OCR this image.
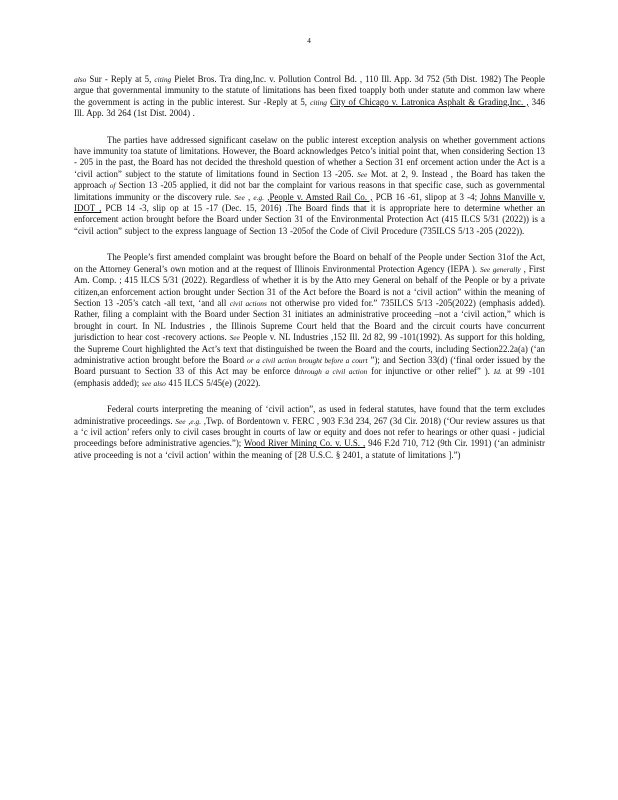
4

also Sur - Reply at 5, citing Pielet Bros. Tra ding,Inc. v. Pollution Control Bd. , 110 Ill. App. 3d 752 (5th Dist. 1982) The People argue that governmental immunity to the statute of limitations has been fixed toapply both under statute and common law where the government is acting in the public interest. Sur -Reply at 5, citing City of Chicago v. Latronica Asphalt & Grading,Inc. , 346 Ill. App. 3d 264 (1st Dist. 2004) .

The parties have addressed significant caselaw on the public interest exception analysis on whether government actions have immunity toa statute of limitations. However, the Board acknowledges Petco’s initial point that, when considering Section 13 - 205 in the past, the Board has not decided the threshold question of whether a Section 31 enf orcement action under the Act is a ‘civil action” subject to the statute of limitations found in Section 13 -205. See Mot. at 2, 9. Instead , the Board has taken the approach of Section 13 -205 applied, it did not bar the complaint for various reasons in that specific case, such as governmental limitations immunity or the discovery rule. See , e.g. ,People v. Amsted Rail Co. , PCB 16 -61, slipop at 3 -4; Johns Manville v. IDOT , PCB 14 -3, slip op at 15 -17 (Dec. 15, 2016) .The Board finds that it is appropriate here to determine whether an enforcement action brought before the Board under Section 31 of the Environmental Protection Act (415 ILCS 5/31 (2022)) is a “civil action” subject to the express language of Section 13 -205of the Code of Civil Procedure (735ILCS 5/13 -205 (2022)).

The People’s first amended complaint was brought before the Board on behalf of the People under Section 31of the Act, on the Attorney General’s own motion and at the request of Illinois Environmental Protection Agency (IEPA ). See generally , First Am. Comp. ; 415 ILCS 5/31 (2022). Regardless of whether it is by the Atto rney General on behalf of the People or by a private citizen,an enforcement action brought under Section 31 of the Act before the Board is not a ‘civil action” within the meaning of Section 13 -205’s catch -all text, ‘and all civil actions not otherwise pro vided for.” 735ILCS 5/13 -205(2022) (emphasis added). Rather, filing a complaint with the Board under Section 31 initiates an administrative proceeding –not a ‘civil action,” which is brought in court. In NL Industries , the Illinois Supreme Court held that the Board and the circuit courts have concurrent jurisdiction to hear cost -recovery actions. See People v. NL Industries ,152 Ill. 2d 82, 99 -101(1992). As support for this holding, the Supreme Court highlighted the Act’s text that distinguished be tween the Board and the courts, including Section22.2a(a) (‘an administrative action brought before the Board or a civil action brought before a court ”); and Section 33(d) (‘final order issued by the Board pursuant to Section 33 of this Act may be enforce dthrough a civil action for injunctive or other relief” ). Id. at 99 -101 (emphasis added); see also 415 ILCS 5/45(e) (2022).

Federal courts interpreting the meaning of ‘civil action”, as used in federal statutes, have found that the term excludes administrative proceedings. See ,e.g. ,Twp. of Bordentown v. FERC , 903 F.3d 234, 267 (3d Cir. 2018) (‘Our review assures us that a ‘c ivil action’ refers only to civil cases brought in courts of law or equity and does not refer to hearings or other quasi - judicial proceedings before administrative agencies.”); Wood River Mining Co. v. U.S. , 946 F.2d 710, 712 (9th Cir. 1991) (‘an administr ative proceeding is not a ‘civil action’ within the meaning of [28 U.S.C. § 2401, a statute of limitations ].”)
